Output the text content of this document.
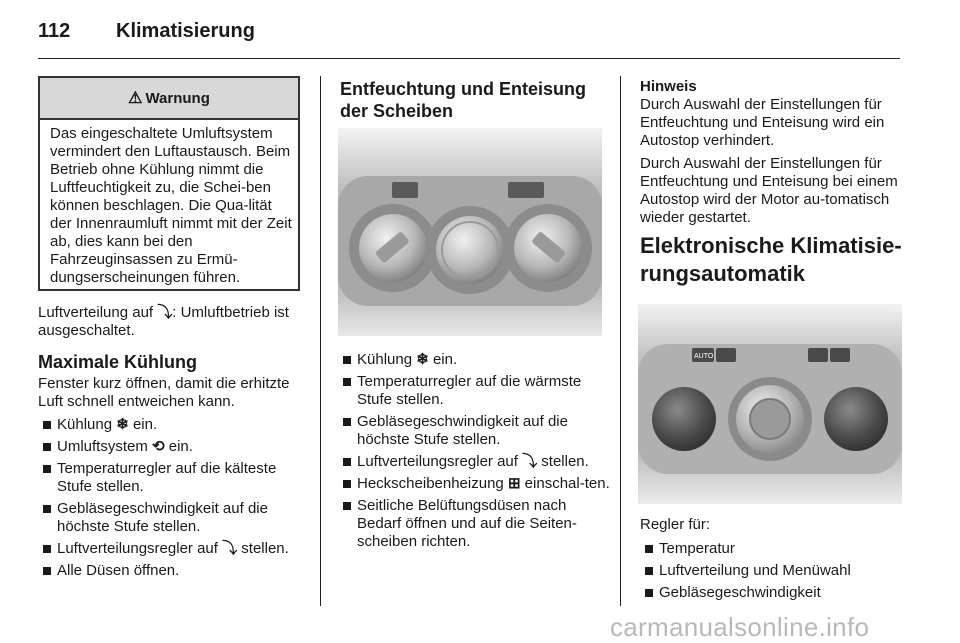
112 Klimatisierung
⚠ Warnung
Das eingeschaltete Umluftsystem vermindert den Luftaustausch. Beim Betrieb ohne Kühlung nimmt die Luftfeuchtigkeit zu, die Schei-ben können beschlagen. Die Qua-lität der Innenraumluft nimmt mit der Zeit ab, dies kann bei den Fahrzeuginsassen zu Ermü-dungserscheinungen führen.
Luftverteilung auf ⤵: Umluftbetrieb ist ausgeschaltet.
Maximale Kühlung
Fenster kurz öffnen, damit die erhitzte Luft schnell entweichen kann.
Kühlung ❄ ein.
Umluftsystem ⟲ ein.
Temperaturregler auf die kälteste Stufe stellen.
Gebläsegeschwindigkeit auf die höchste Stufe stellen.
Luftverteilungsregler auf ⤵ stellen.
Alle Düsen öffnen.
Entfeuchtung und Enteisung der Scheiben
Kühlung ❄ ein.
Temperaturregler auf die wärmste Stufe stellen.
Gebläsegeschwindigkeit auf die höchste Stufe stellen.
Luftverteilungsregler auf ⤵ stellen.
Heckscheibenheizung ⊞ einschal-ten.
Seitliche Belüftungsdüsen nach Bedarf öffnen und auf die Seiten-scheiben richten.
Hinweis
Durch Auswahl der Einstellungen für Entfeuchtung und Enteisung wird ein Autostop verhindert.
Durch Auswahl der Einstellungen für Entfeuchtung und Enteisung bei einem Autostop wird der Motor au-tomatisch wieder gestartet.
Elektronische Klimatisie-rungsautomatik
AUTO
Regler für:
Temperatur
Luftverteilung und Menüwahl
Gebläsegeschwindigkeit
carmanualsonline.info
